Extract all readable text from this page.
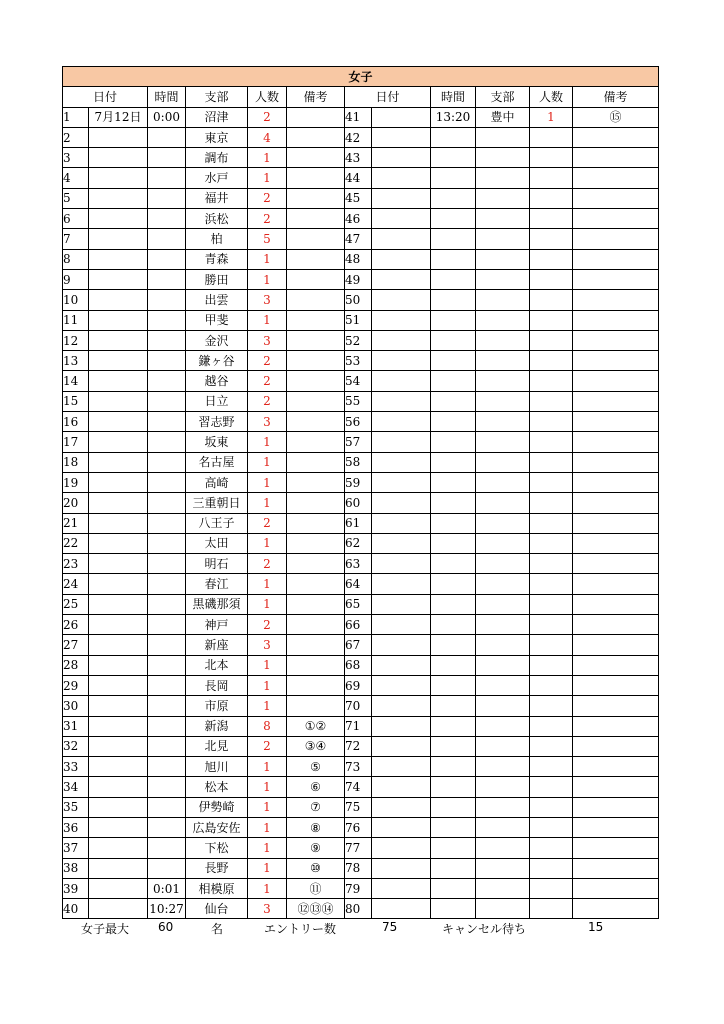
女子											
日付		時間	支部	人数	備考	日付		時間	支部	人数	備考
1	7月12日	0:00	沼津	2		41		13:20	豊中	1	⑮
2			東京	4		42					
3			調布	1		43					
4			水戸	1		44					
5			福井	2		45					
6			浜松	2		46					
7			柏	5		47					
8			青森	1		48					
9			勝田	1		49					
10			出雲	3		50					
11			甲斐	1		51					
12			金沢	3		52					
13			鎌ヶ谷	2		53					
14			越谷	2		54					
15			日立	2		55					
16			習志野	3		56					
17			坂東	1		57					
18			名古屋	1		58					
19			高崎	1		59					
20			三重朝日	1		60					
21			八王子	2		61					
22			太田	1		62					
23			明石	2		63					
24			春江	1		64					
25			黒磯那須	1		65					
26			神戸	2		66					
27			新座	3		67					
28			北本	1		68					
29			長岡	1		69					
30			市原	1		70					
31			新潟	8	①②	71					
32			北見	2	③④	72					
33			旭川	1	⑤	73					
34			松本	1	⑥	74					
35			伊勢崎	1	⑦	75					
36			広島安佐	1	⑧	76					
37			下松	1	⑨	77					
38			長野	1	⑩	78					
39		0:01	相模原	1	⑪	79					
40		10:27	仙台	3	⑫⑬⑭	80					
女子最大 60	名	エントリー数	75	キャンセル待ち	15
